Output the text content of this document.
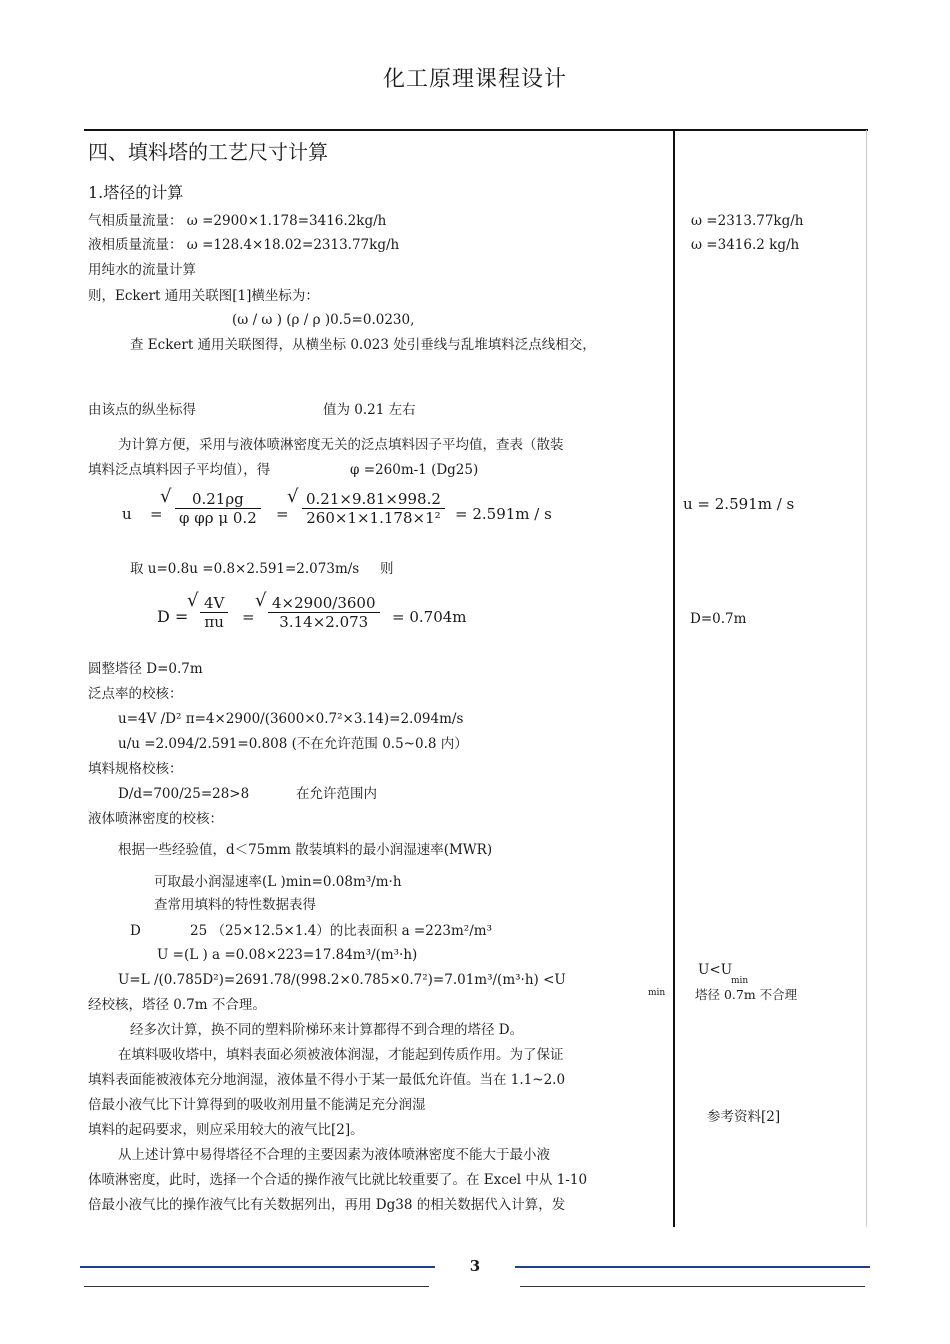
化工原理课程设计
四、填料塔的工艺尺寸计算
1.塔径的计算
气相质量流量： ω =2900×1.178=3416.2kg/h
液相质量流量： ω =128.4×18.02=2313.77kg/h
用纯水的流量计算
则，Eckert 通用关联图[1]横坐标为：
(ω / ω ) (ρ / ρ )0.5=0.0230,
查 Eckert 通用关联图得，从横坐标 0.023 处引垂线与乱堆填料泛点线相交，
由该点的纵坐标得	值为 0.21 左右
为计算方便，采用与液体喷淋密度无关的泛点填料因子平均值，查表（散装
填料泛点填料因子平均值），得	φ =260m-1 (Dg25)
u =
√ $\frac{0.21\rho g}{\text{φ φρ μ 0.2}}$ =
√ $\frac{0.21\times 9.81\times 998.2}{\text{260×1×1.178×1²}} = 2.591m / s$
取 u=0.8u =0.8×2.591=2.073m/s 则
D =
√ $\frac{4V}{\pi u}$ =
√ $\frac{4\times 2900/3600}{3.14\times 2.073} = 0.704m$
圆整塔径 D=0.7m
泛点率的校核：
u=4V /D² π=4×2900/(3600×0.7²×3.14)=2.094m/s
u/u =2.094/2.591=0.808 (不在允许范围 0.5~0.8 内）
填料规格校核：
D/d=700/25=28>8	在允许范围内
液体喷淋密度的校核：
根据一些经验值，d＜75mm 散装填料的最小润湿速率(MWR)
可取最小润湿速率(L )min=0.08m³/m·h
查常用填料的特性数据表得
D	25 （25×12.5×1.4）的比表面积 a =223m²/m³
U =(L ) a =0.08×223=17.84m³/(m³·h)
U=L /(0.785D²)=2691.78/(998.2×0.785×0.7²)=7.01m³/(m³·h) <U
min
经校核，塔径 0.7m 不合理。
经多次计算，换不同的塑料阶梯环来计算都得不到合理的塔径 D。
在填料吸收塔中，填料表面必须被液体润湿，才能起到传质作用。为了保证
填料表面能被液体充分地润湿，液体量不得小于某一最低允许值。当在 1.1~2.0
倍最小液气比下计算得到的吸收剂用量不能满足充分润湿
填料的起码要求，则应采用较大的液气比[2]。
从上述计算中易得塔径不合理的主要因素为液体喷淋密度不能大于最小液
体喷淋密度，此时，选择一个合适的操作液气比就比较重要了。在 Excel 中从 1-10
倍最小液气比的操作液气比有关数据列出，再用 Dg38 的相关数据代入计算，发
ω =2313.77kg/h
ω =3416.2 kg/h
u = 2.591m / s
D=0.7m
U<U
min
塔径 0.7m 不合理
参考资料[2]
3
